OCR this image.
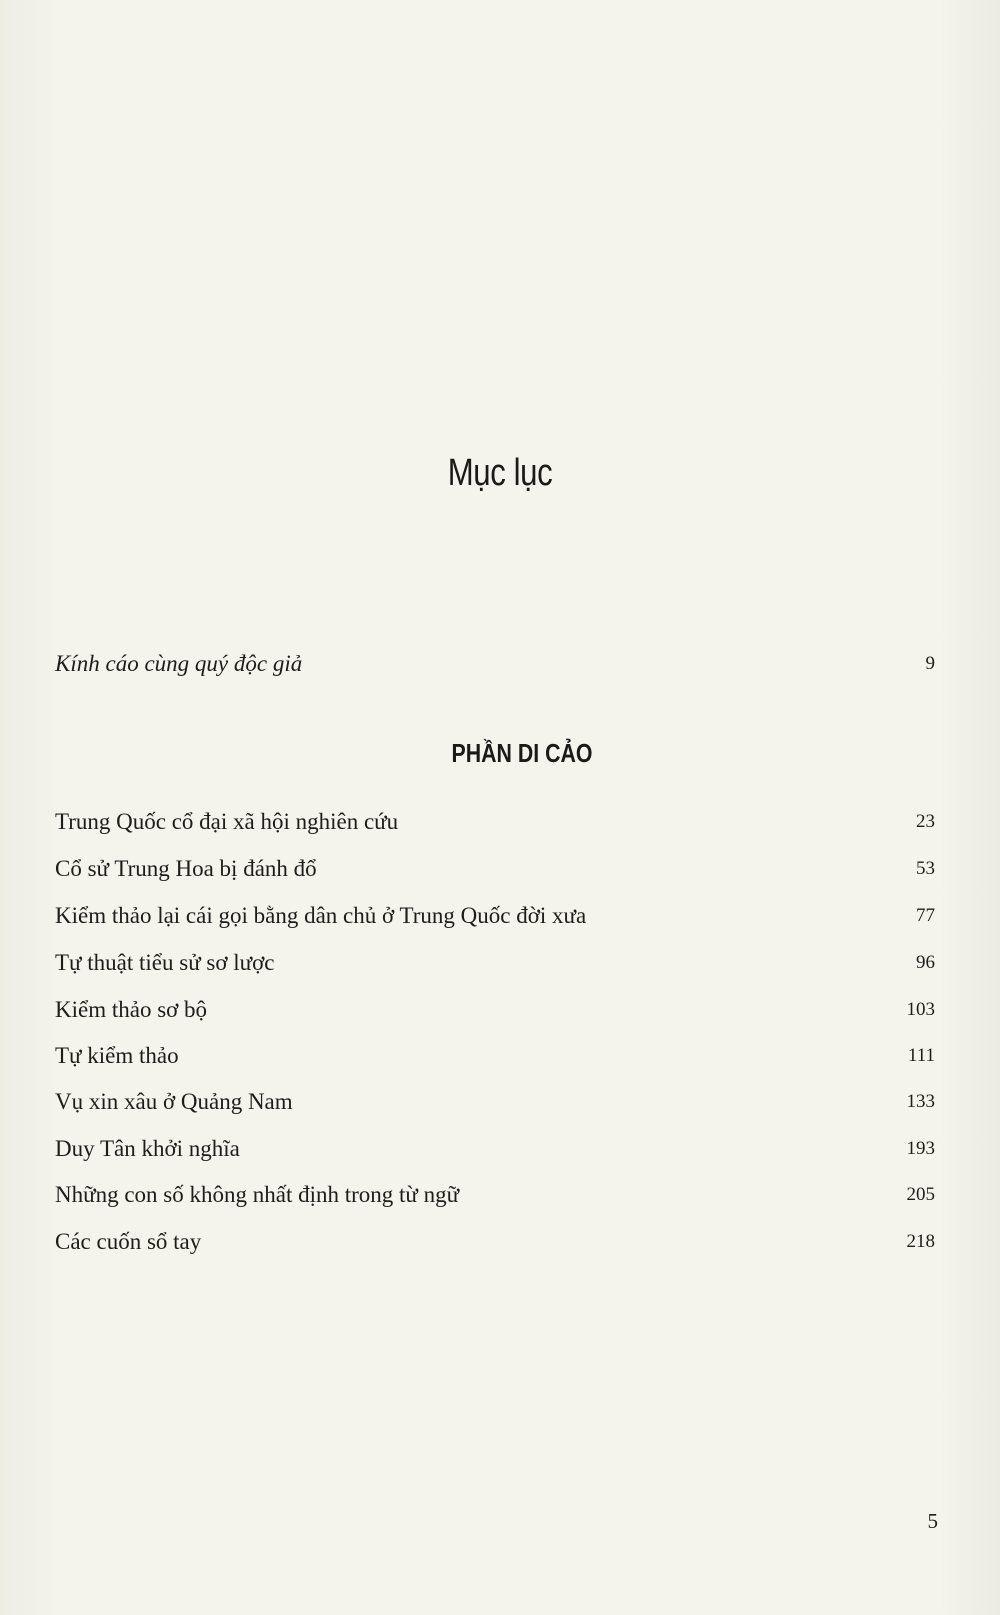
Mục lục
Kính cáo cùng quý độc giả	9
PHẦN DI CẢO
Trung Quốc cổ đại xã hội nghiên cứu	23
Cổ sử Trung Hoa bị đánh đổ	53
Kiểm thảo lại cái gọi bằng dân chủ ở Trung Quốc đời xưa	77
Tự thuật tiểu sử sơ lược	96
Kiểm thảo sơ bộ	103
Tự kiểm thảo	111
Vụ xin xâu ở Quảng Nam	133
Duy Tân khởi nghĩa	193
Những con số không nhất định trong từ ngữ	205
Các cuốn sổ tay	218
5
